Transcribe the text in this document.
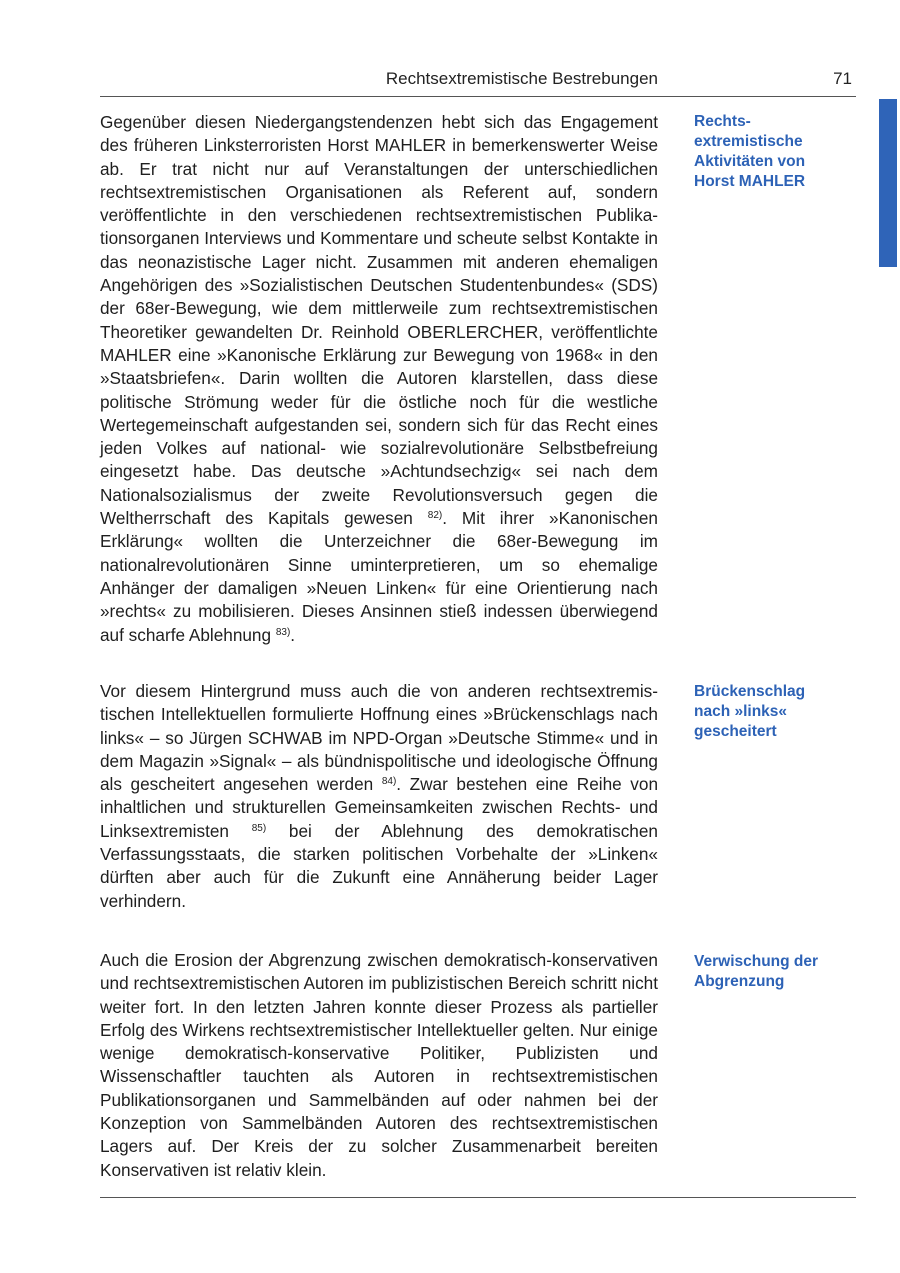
Rechtsextremistische Bestrebungen	71

Gegenüber diesen Niedergangstendenzen hebt sich das Engagement des früheren Linksterroristen Horst MAHLER in bemerkenswerter Weise ab. Er trat nicht nur auf Veranstaltungen der unterschiedlichen rechtsextremistischen Organisationen als Referent auf, sondern veröffentlichte in den verschiedenen rechtsextremistischen Publikationsorganen Interviews und Kommentare und scheute selbst Kontakte in das neonazistische Lager nicht. Zusammen mit anderen ehemaligen Angehörigen des »Sozialistischen Deutschen Studentenbundes« (SDS) der 68er-Bewegung, wie dem mittlerweile zum rechtsextremistischen Theoretiker gewandelten Dr. Reinhold OBERLERCHER, veröffentlichte MAHLER eine »Kanonische Erklärung zur Bewegung von 1968« in den »Staatsbriefen«. Darin wollten die Autoren klarstellen, dass diese politische Strömung weder für die östliche noch für die westliche Wertegemeinschaft aufgestanden sei, sondern sich für das Recht eines jeden Volkes auf national- wie sozialrevolutionäre Selbstbefreiung eingesetzt habe. Das deutsche »Achtundsechzig« sei nach dem Nationalsozialismus der zweite Revolutionsversuch gegen die Weltherrschaft des Kapitals gewesen $^{82)}$. Mit ihrer »Kanonischen Erklärung« wollten die Unterzeichner die 68er-Bewegung im nationalrevolutionären Sinne uminterpretieren, um so ehemalige Anhänger der damaligen »Neuen Linken« für eine Orientierung nach »rechts« zu mobilisieren. Dieses Ansinnen stieß indessen überwiegend auf scharfe Ablehnung $^{83)}$.

Rechts-
extremistische
Aktivitäten von
Horst MAHLER

Vor diesem Hintergrund muss auch die von anderen rechtsextremistischen Intellektuellen formulierte Hoffnung eines »Brückenschlags nach links« – so Jürgen SCHWAB im NPD-Organ »Deutsche Stimme« und in dem Magazin »Signal« – als bündnispolitische und ideologische Öffnung als gescheitert angesehen werden $^{84)}$. Zwar bestehen eine Reihe von inhaltlichen und strukturellen Gemeinsamkeiten zwischen Rechts- und Linksextremisten $^{85)}$ bei der Ablehnung des demokratischen Verfassungsstaats, die starken politischen Vorbehalte der »Linken« dürften aber auch für die Zukunft eine Annäherung beider Lager verhindern.

Brückenschlag
nach »links«
gescheitert

Auch die Erosion der Abgrenzung zwischen demokratisch-konservativen und rechtsextremistischen Autoren im publizistischen Bereich schritt nicht weiter fort. In den letzten Jahren konnte dieser Prozess als partieller Erfolg des Wirkens rechtsextremistischer Intellektueller gelten. Nur einige wenige demokratisch-konservative Politiker, Publizisten und Wissenschaftler tauchten als Autoren in rechtsextremistischen Publikationsorganen und Sammelbänden auf oder nahmen bei der Konzeption von Sammelbänden Autoren des rechtsextremistischen Lagers auf. Der Kreis der zu solcher Zusammenarbeit bereiten Konservativen ist relativ klein.

Verwischung der
Abgrenzung
